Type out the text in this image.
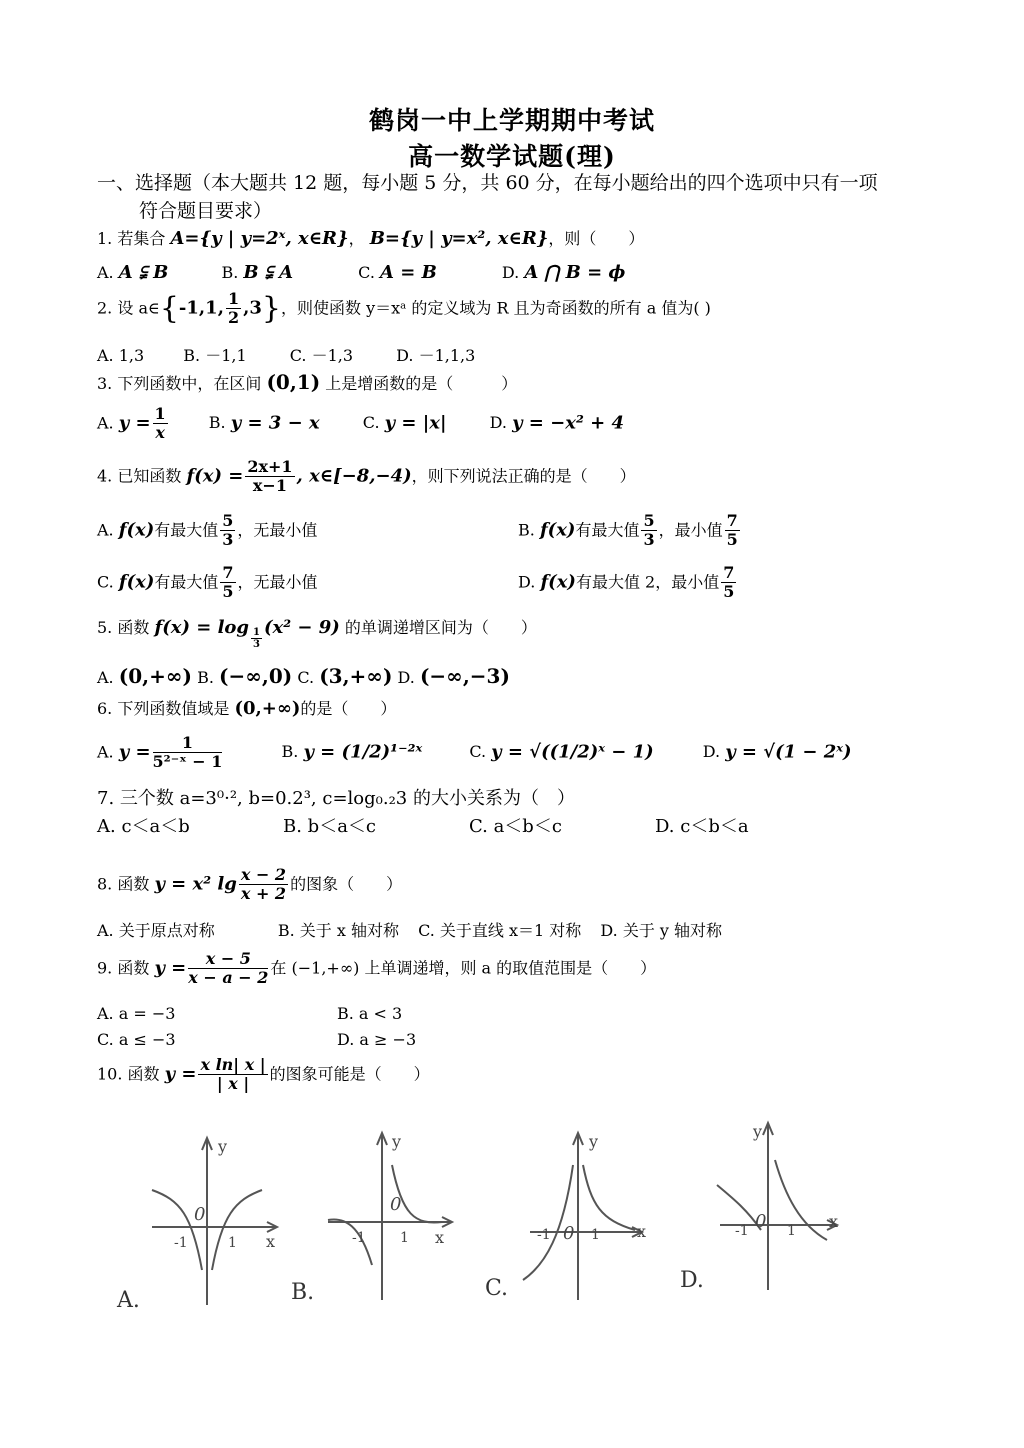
鹤岗一中上学期期中考试
高一数学试题(理)
一、选择题（本大题共 12 题，每小题 5 分，共 60 分，在每小题给出的四个选项中只有一项
符合题目要求）
1. 若集合 A={y | y=2ˣ, x∈R}， B={y | y=x², x∈R}，则（　　）
A. A ⫋ B	B. B ⫋ A	C. A = B	D. A ⋂ B = ϕ
2. 设 a∈{-1,1, $\frac{1}{2} ,3$}，则使函数 y＝xᵃ 的定义域为 R 且为奇函数的所有 a 值为( )
A. 1,3 B. －1,1	C. －1,3	D. －1,1,3
3. 下列函数中，在区间 (0,1) 上是增函数的是（　　　）
A. $y = \frac{1}{x}$	B. y = 3 − x	C. y = |x|	D. y = −x² + 4
4. 已知函数 $f(x) = \frac{2x+1}{x-1}$ , x∈[−8,−4)，则下列说法正确的是（　　）
A. f(x)有最大值 $\frac{5}{3}$ ，无最小值	B. f(x)有最大值 $\frac{5}{3}$ ，最小值 $\frac{7}{5}$
C. f(x)有最大值 $\frac{7}{5}$ ，无最小值	D. f(x)有最大值 2，最小值 $\frac{7}{5}$
5. 函数 $f(x) = \log \frac{1}{3} (x^2 - 9)$ 的单调递增区间为（　　）
A. (0,+∞) B. (−∞,0) C. (3,+∞) D. (−∞,−3)
6. 下列函数值域是 (0,+∞)的是（　　）
A. $y = \frac{1}{\text{5²⁻ˣ − 1}}$	B. y = (1/2)¹⁻²ˣ	C. y = √((1/2)ˣ − 1)	D. y = √(1 − 2ˣ)
7. 三个数 a=3⁰·², b=0.2³, c=log₀.₂3 的大小关系为（　）
A. c＜a＜b	B. b＜a＜c	C. a＜b＜c	D. c＜b＜a
8. 函数 y = x² $\lg \frac{x - 2}{x + 2}$ 的图象（　　）
A. 关于原点对称	B. 关于 x 轴对称 C. 关于直线 x＝1 对称 D. 关于 y 轴对称
9. 函数 $y = \frac{x - 5}{x - a - 2}$ 在 (−1,+∞) 上单调递增，则 a 的取值范围是（　　）
A. a = −3	B. a < 3
C. a ≤ −3	D. a ≥ −3
10. 函数 $y = \frac{\text{x ln| x |}}{| x |}$ 的图象可能是（　　）
y
x
0
-1	1
y
x
0
-1 1
y
x
0
-1	1
y
x
0
-1	1
A.	B.	C.	D.
